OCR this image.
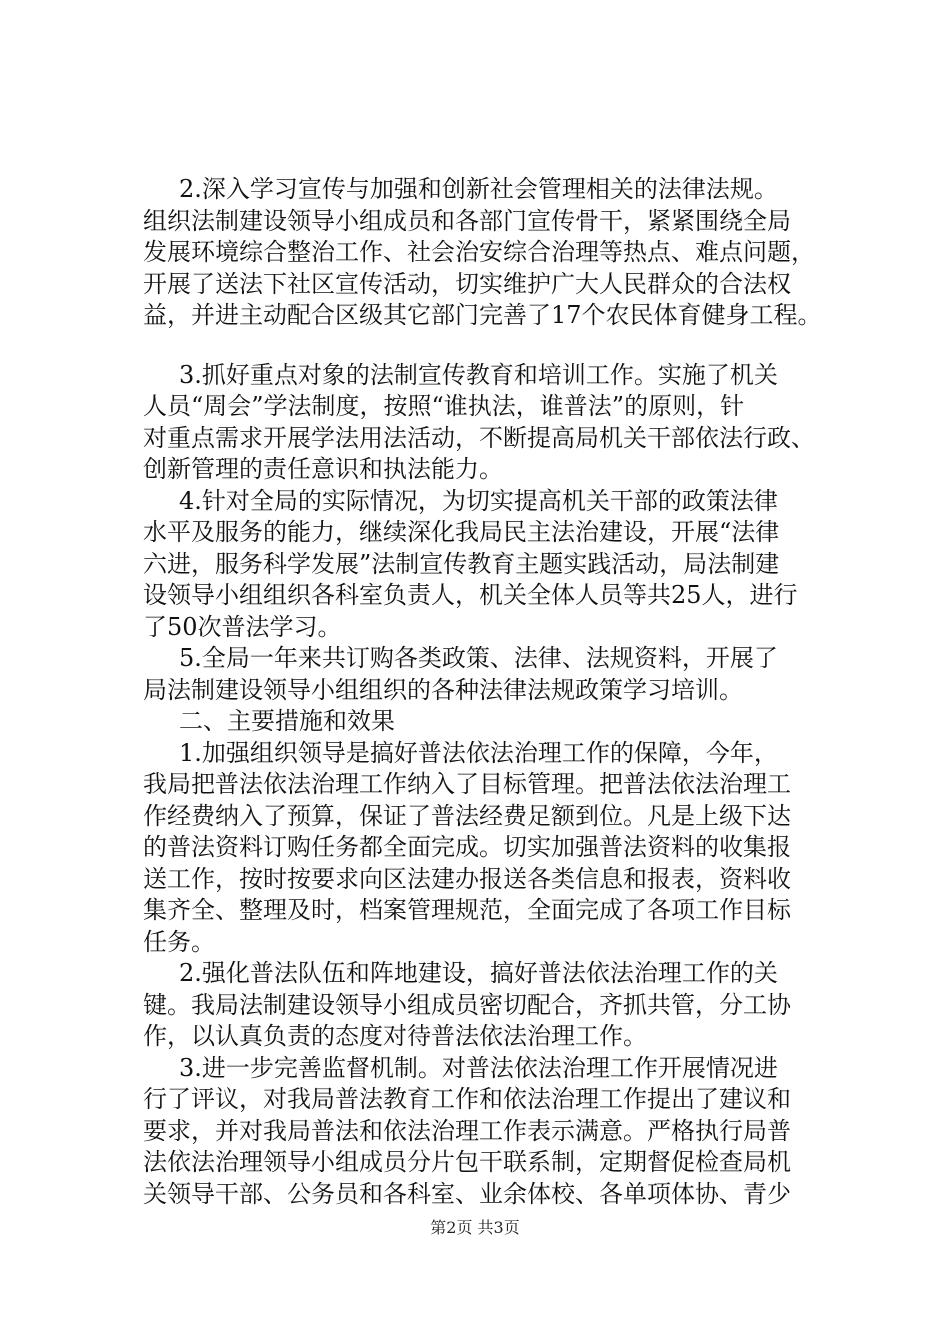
2.深入学习宣传与加强和创新社会管理相关的法律法规。
组织法制建设领导小组成员和各部门宣传骨干，紧紧围绕全局
发展环境综合整治工作、社会治安综合治理等热点、难点问题，
开展了送法下社区宣传活动，切实维护广大人民群众的合法权
益，并进主动配合区级其它部门完善了17个农民体育健身工程。

3.抓好重点对象的法制宣传教育和培训工作。实施了机关
人员“周会”学法制度，按照“谁执法，谁普法”的原则，针
对重点需求开展学法用法活动，不断提高局机关干部依法行政、
创新管理的责任意识和执法能力。

4.针对全局的实际情况，为切实提高机关干部的政策法律
水平及服务的能力，继续深化我局民主法治建设，开展“法律
六进，服务科学发展”法制宣传教育主题实践活动，局法制建
设领导小组组织各科室负责人，机关全体人员等共25人，进行
了50次普法学习。

5.全局一年来共订购各类政策、法律、法规资料，开展了
局法制建设领导小组组织的各种法律法规政策学习培训。

二、主要措施和效果

1.加强组织领导是搞好普法依法治理工作的保障，今年，
我局把普法依法治理工作纳入了目标管理。把普法依法治理工
作经费纳入了预算，保证了普法经费足额到位。凡是上级下达
的普法资料订购任务都全面完成。切实加强普法资料的收集报
送工作，按时按要求向区法建办报送各类信息和报表，资料收
集齐全、整理及时，档案管理规范，全面完成了各项工作目标
任务。

2.强化普法队伍和阵地建设，搞好普法依法治理工作的关
键。我局法制建设领导小组成员密切配合，齐抓共管，分工协
作，以认真负责的态度对待普法依法治理工作。

3.进一步完善监督机制。对普法依法治理工作开展情况进
行了评议，对我局普法教育工作和依法治理工作提出了建议和
要求，并对我局普法和依法治理工作表示满意。严格执行局普
法依法治理领导小组成员分片包干联系制，定期督促检查局机
关领导干部、公务员和各科室、业余体校、各单项体协、青少

第2页 共3页
